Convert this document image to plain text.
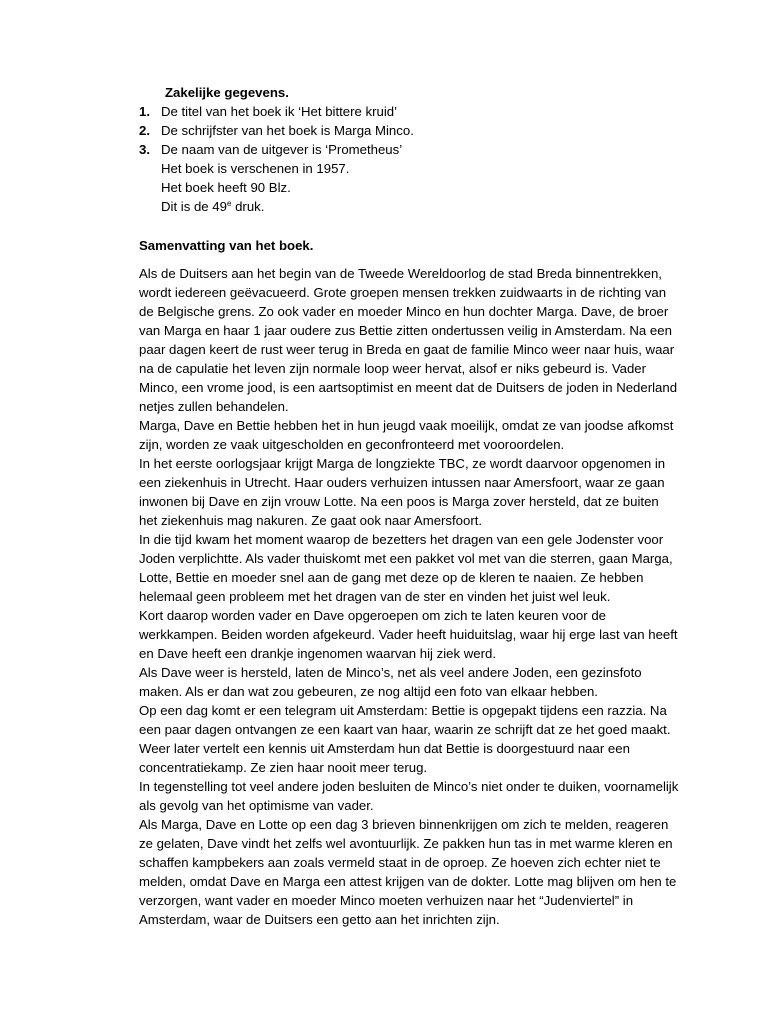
Zakelijke gegevens.

1. De titel van het boek ik ‘Het bittere kruid’
2. De schrijfster van het boek is Marga Minco.
3. De naam van de uitgever is ‘Prometheus’
Het boek is verschenen in 1957.
Het boek heeft 90 Blz.
Dit is de 49e druk.

Samenvatting van het boek.

Als de Duitsers aan het begin van de Tweede Wereldoorlog de stad Breda binnentrekken, wordt iedereen geëvacueerd. Grote groepen mensen trekken zuidwaarts in de richting van de Belgische grens. Zo ook vader en moeder Minco en hun dochter Marga. Dave, de broer van Marga en haar 1 jaar oudere zus Bettie zitten ondertussen veilig in Amsterdam. Na een paar dagen keert de rust weer terug in Breda en gaat de familie Minco weer naar huis, waar na de capulatie het leven zijn normale loop weer hervat, alsof er niks gebeurd is. Vader Minco, een vrome jood, is een aartsoptimist en meent dat de Duitsers de joden in Nederland netjes zullen behandelen.

Marga, Dave en Bettie hebben het in hun jeugd vaak moeilijk, omdat ze van joodse afkomst zijn, worden ze vaak uitgescholden en geconfronteerd met vooroordelen.

In het eerste oorlogsjaar krijgt Marga de longziekte TBC, ze wordt daarvoor opgenomen in een ziekenhuis in Utrecht. Haar ouders verhuizen intussen naar Amersfoort, waar ze gaan inwonen bij Dave en zijn vrouw Lotte. Na een poos is Marga zover hersteld, dat ze buiten het ziekenhuis mag nakuren. Ze gaat ook naar Amersfoort.

In die tijd kwam het moment waarop de bezetters het dragen van een gele Jodenster voor Joden verplichtte. Als vader thuiskomt met een pakket vol met van die sterren, gaan Marga, Lotte, Bettie en moeder snel aan de gang met deze op de kleren te naaien. Ze hebben helemaal geen probleem met het dragen van de ster en vinden het juist wel leuk.

Kort daarop worden vader en Dave opgeroepen om zich te laten keuren voor de werkkampen. Beiden worden afgekeurd. Vader heeft huiduitslag, waar hij erge last van heeft en Dave heeft een drankje ingenomen waarvan hij ziek werd.

Als Dave weer is hersteld, laten de Minco’s, net als veel andere Joden, een gezinsfoto maken. Als er dan wat zou gebeuren, ze nog altijd een foto van elkaar hebben.

Op een dag komt er een telegram uit Amsterdam: Bettie is opgepakt tijdens een razzia. Na een paar dagen ontvangen ze een kaart van haar, waarin ze schrijft dat ze het goed maakt. Weer later vertelt een kennis uit Amsterdam hun dat Bettie is doorgestuurd naar een concentratiekamp. Ze zien haar nooit meer terug.

In tegenstelling tot veel andere joden besluiten de Minco’s niet onder te duiken, voornamelijk als gevolg van het optimisme van vader.

Als Marga, Dave en Lotte op een dag 3 brieven binnenkrijgen om zich te melden, reageren ze gelaten, Dave vindt het zelfs wel avontuurlijk. Ze pakken hun tas in met warme kleren en schaffen kampbekers aan zoals vermeld staat in de oproep. Ze hoeven zich echter niet te melden, omdat Dave en Marga een attest krijgen van de dokter. Lotte mag blijven om hen te verzorgen, want vader en moeder Minco moeten verhuizen naar het “Judenviertel” in Amsterdam, waar de Duitsers een getto aan het inrichten zijn.
